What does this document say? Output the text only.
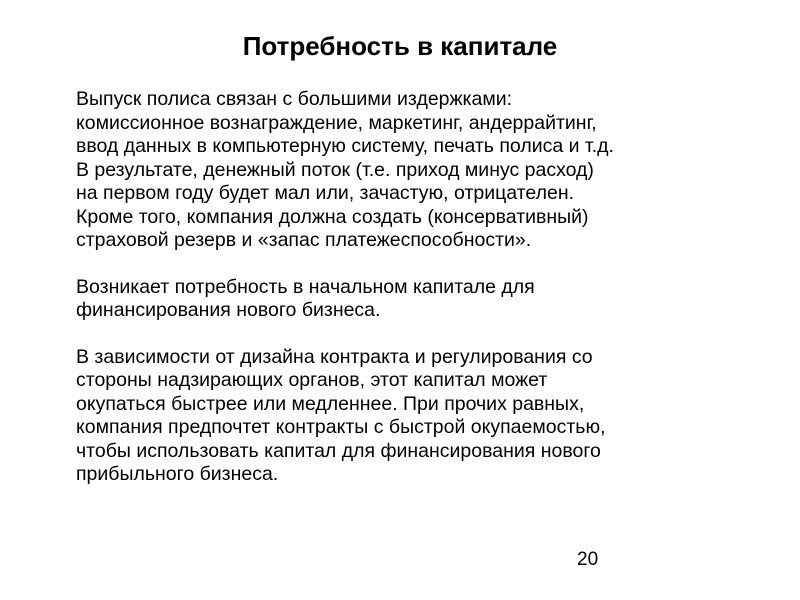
Потребность в капитале

Выпуск полиса связан с большими издержками:
комиссионное вознаграждение, маркетинг, андеррайтинг,
ввод данных в компьютерную систему, печать полиса и т.д.
В результате, денежный поток (т.е. приход минус расход)
на первом году будет мал или, зачастую, отрицателен.
Кроме того, компания должна создать (консервативный)
страховой резерв и «запас платежеспособности».

Возникает потребность в начальном капитале для
финансирования нового бизнеса.

В зависимости от дизайна контракта и регулирования со
стороны надзирающих органов, этот капитал может
окупаться быстрее или медленнее. При прочих равных,
компания предпочтет контракты с быстрой окупаемостью,
чтобы использовать капитал для финансирования нового
прибыльного бизнеса.

20
